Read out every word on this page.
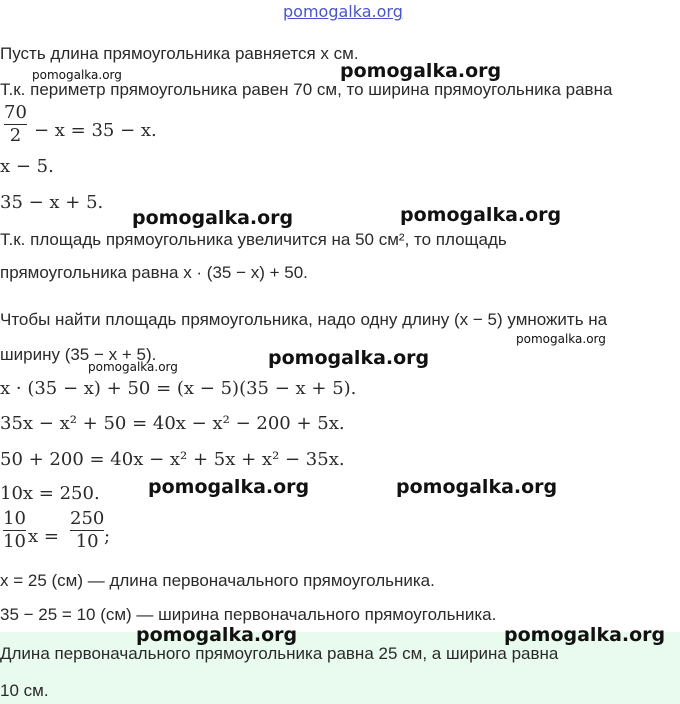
pomogalka.org
Пусть длина прямоугольника равняется x см.
pomogalka.org	pomogalka.org
Т.к. периметр прямоугольника равен 70 см, то ширина прямоугольника равна
70
2 − x = 35 − x.
x − 5.
35 − x + 5.
pomogalka.org	pomogalka.org
Т.к. площадь прямоугольника увеличится на 50 см², то площадь
прямоугольника равна x · (35 − x) + 50.
Чтобы найти площадь прямоугольника, надо одну длину (x − 5) умножить на
pomogalka.org
ширину (35 − x + 5).
pomogalka.org	pomogalka.org
x · (35 − x) + 50 = (x − 5)(35 − x + 5).
35x − x² + 50 = 40x − x² − 200 + 5x.
50 + 200 = 40x − x² + 5x + x² − 35x.
10x = 250.	pomogalka.org	pomogalka.org
10
10 x =
250
10 ;
x = 25 (см) — длина первоначального прямоугольника.
35 − 25 = 10 (см) — ширина первоначального прямоугольника.
pomogalka.org	pomogalka.org
Длина первоначального прямоугольника равна 25 см, а ширина равна
10 см.
